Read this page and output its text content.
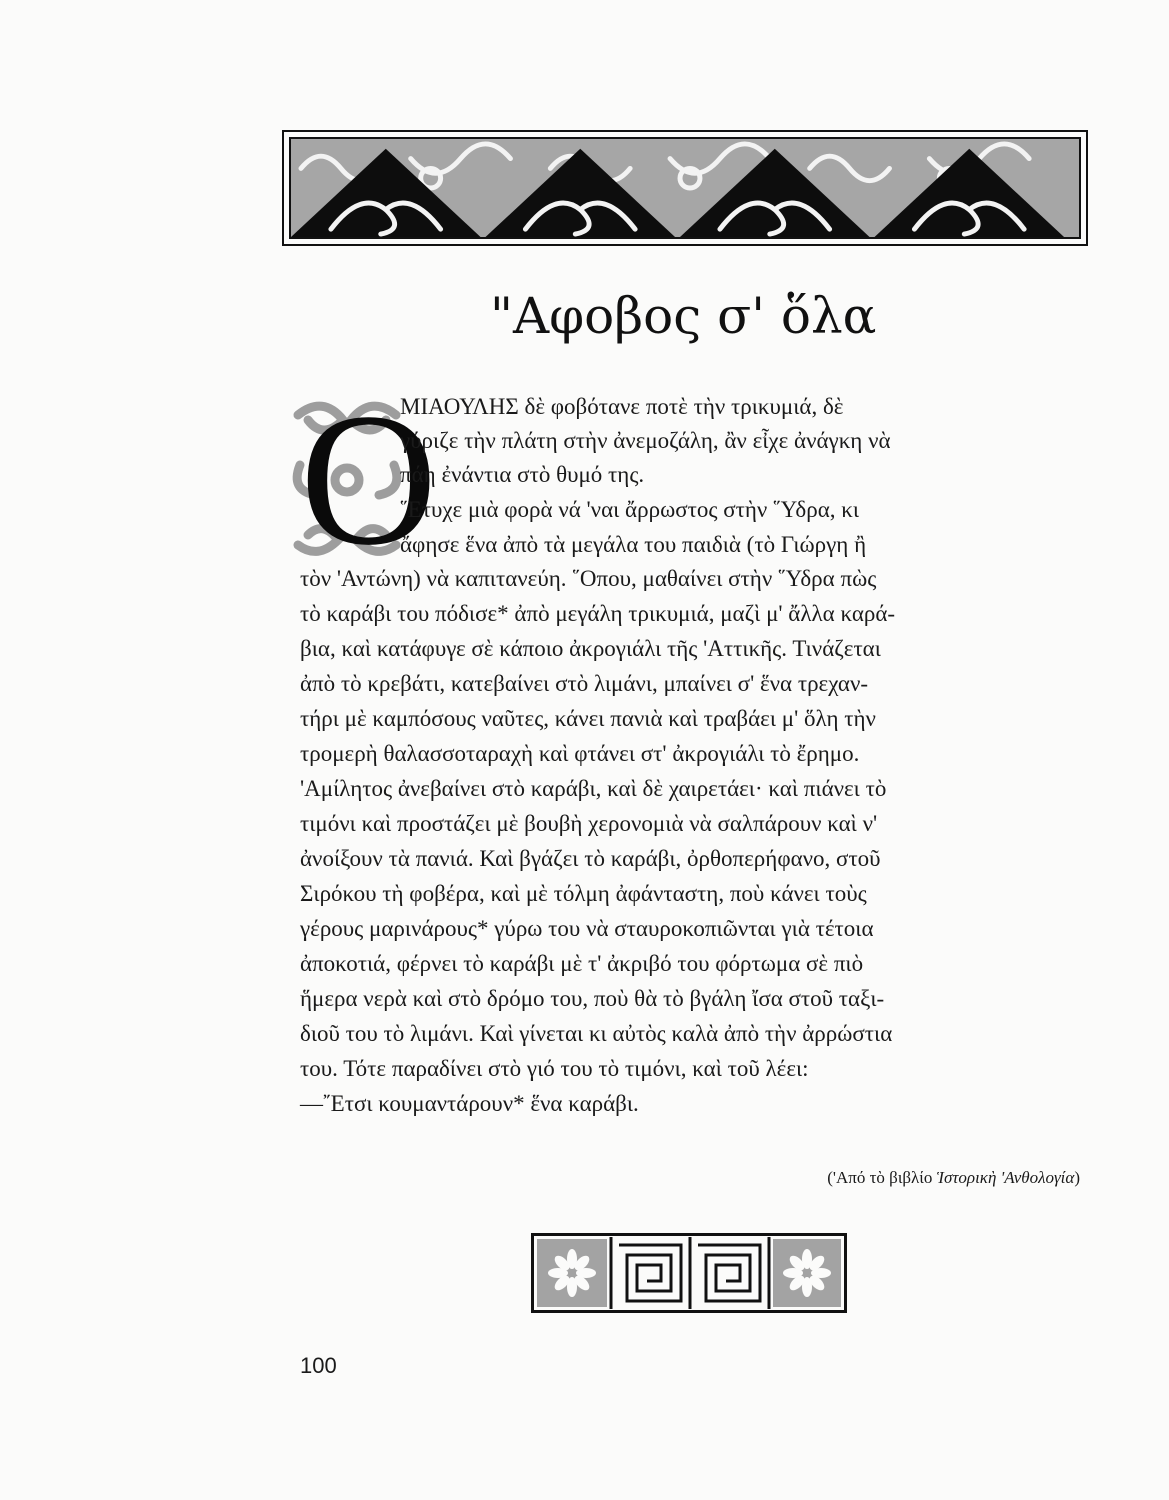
"Αφοβος σ' ὅλα
Ο
ΜΙΑΟΥΛΗΣ δὲ φοβότανε ποτὲ τὴν τρικυμιά, δὲ
γύριζε τὴν πλάτη στὴν ἀνεμοζάλη, ἂν εἶχε ἀνάγκη νὰ
πάη ἐνάντια στὸ θυμό της.
῞Ετυχε μιὰ φορὰ νά 'ναι ἄρρωστος στὴν ῞Υδρα, κι
ἄφησε ἕνα ἀπὸ τὰ μεγάλα του παιδιὰ (τὸ Γιώργη ἢ
τὸν 'Αντώνη) νὰ καπιτανεύη. ῞Οπου, μαθαίνει στὴν ῞Υδρα πὼς
τὸ καράβι του πόδισε* ἀπὸ μεγάλη τρικυμιά, μαζὶ μ' ἄλλα καρά-
βια, καὶ κατάφυγε σὲ κάποιο ἀκρογιάλι τῆς 'Αττικῆς. Τινάζεται
ἀπὸ τὸ κρεβάτι, κατεβαίνει στὸ λιμάνι, μπαίνει σ' ἕνα τρεχαν-
τήρι μὲ καμπόσους ναῦτες, κάνει πανιὰ καὶ τραβάει μ' ὅλη τὴν
τρομερὴ θαλασσοταραχὴ καὶ φτάνει στ' ἀκρογιάλι τὸ ἔρημο.
'Αμίλητος ἀνεβαίνει στὸ καράβι, καὶ δὲ χαιρετάει· καὶ πιάνει τὸ
τιμόνι καὶ προστάζει μὲ βουβὴ χερονομιὰ νὰ σαλπάρουν καὶ ν'
ἀνοίξουν τὰ πανιά. Καὶ βγάζει τὸ καράβι, ὀρθοπερήφανο, στοῦ
Σιρόκου τὴ φοβέρα, καὶ μὲ τόλμη ἀφάνταστη, ποὺ κάνει τοὺς
γέρους μαρινάρους* γύρω του νὰ σταυροκοπιῶνται γιὰ τέτοια
ἀποκοτιά, φέρνει τὸ καράβι μὲ τ' ἀκριβό του φόρτωμα σὲ πιὸ
ἥμερα νερὰ καὶ στὸ δρόμο του, ποὺ θὰ τὸ βγάλη ἴσα στοῦ ταξι-
διοῦ του τὸ λιμάνι. Καὶ γίνεται κι αὐτὸς καλὰ ἀπὸ τὴν ἀρρώστια
του. Τότε παραδίνει στὸ γιό του τὸ τιμόνι, καὶ τοῦ λέει:
—῎Ετσι κουμαντάρουν* ἕνα καράβι.
('Από τὸ βιβλίο Ἱστορικὴ 'Ανθολογία)
100
